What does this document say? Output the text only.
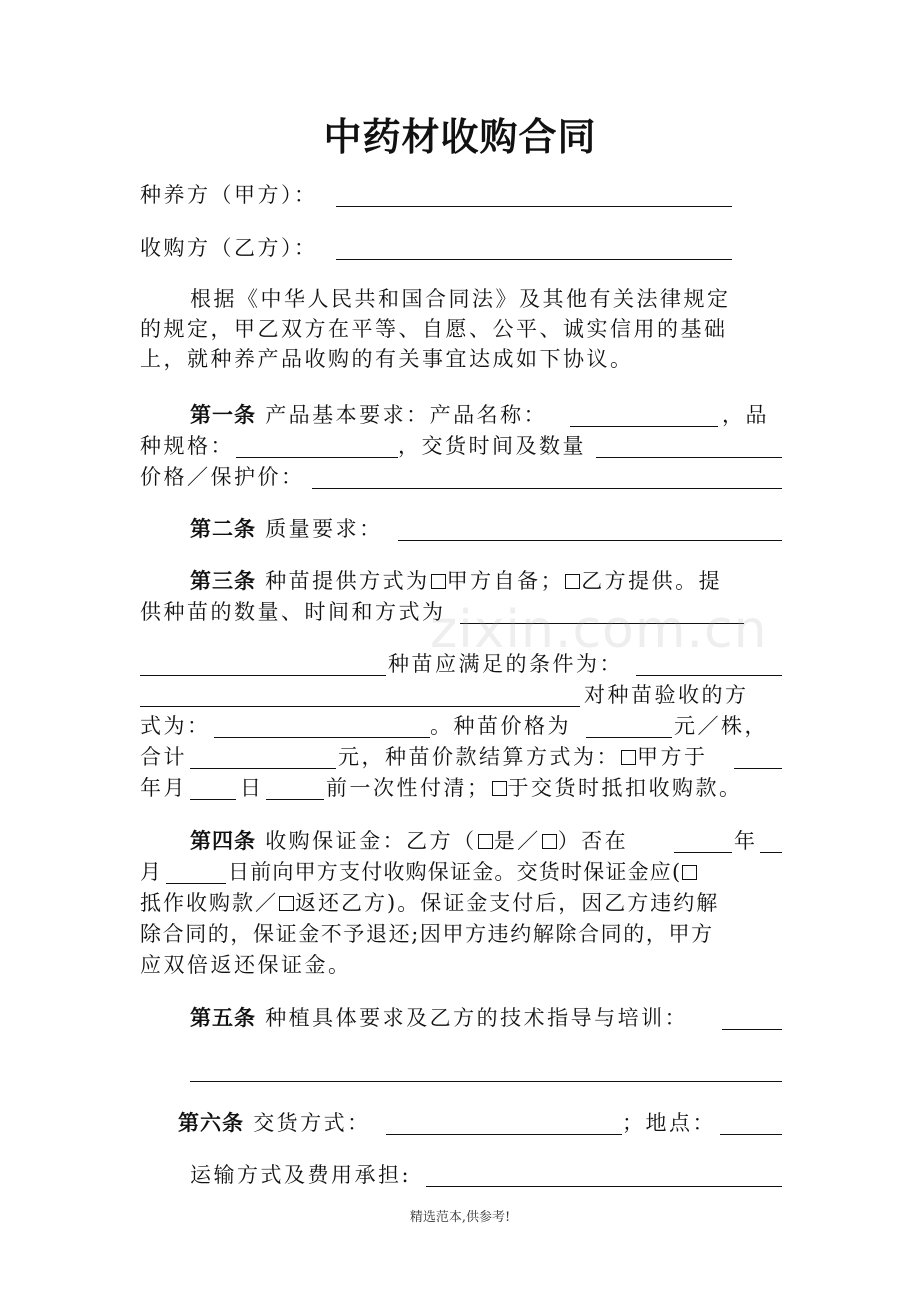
中药材收购合同
种养方（甲方）：
收购方（乙方）：
根据《中华人民共和国合同法》及其他有关法律规定
的规定，甲乙双方在平等、自愿、公平、诚实信用的基础
上，就种养产品收购的有关事宜达成如下协议。
第一条 产品基本要求：产品名称：	，品
种规格：	，交货时间及数量
价格／保护价：
第二条 质量要求：
第三条 种苗提供方式为 甲方自备； 乙方提供。提
供种苗的数量、时间和方式为
种苗应满足的条件为：
对种苗验收的方
式为：	。种苗价格为	元／株，
合计	元，种苗价款结算方式为： 甲方于
年月	日	前一次性付清； 于交货时抵扣收购款。
第四条 收购保证金：乙方（ 是／ ）否在	年
月	日前向甲方支付收购保证金。交货时保证金应(
抵作收购款／ 返还乙方)。保证金支付后，因乙方违约解
除合同的，保证金不予退还;因甲方违约解除合同的，甲方
应双倍返还保证金。
第五条 种植具体要求及乙方的技术指导与培训：
第六条 交货方式：	；地点：
运输方式及费用承担:
zixin.com.cn
精选范本,供参考!
